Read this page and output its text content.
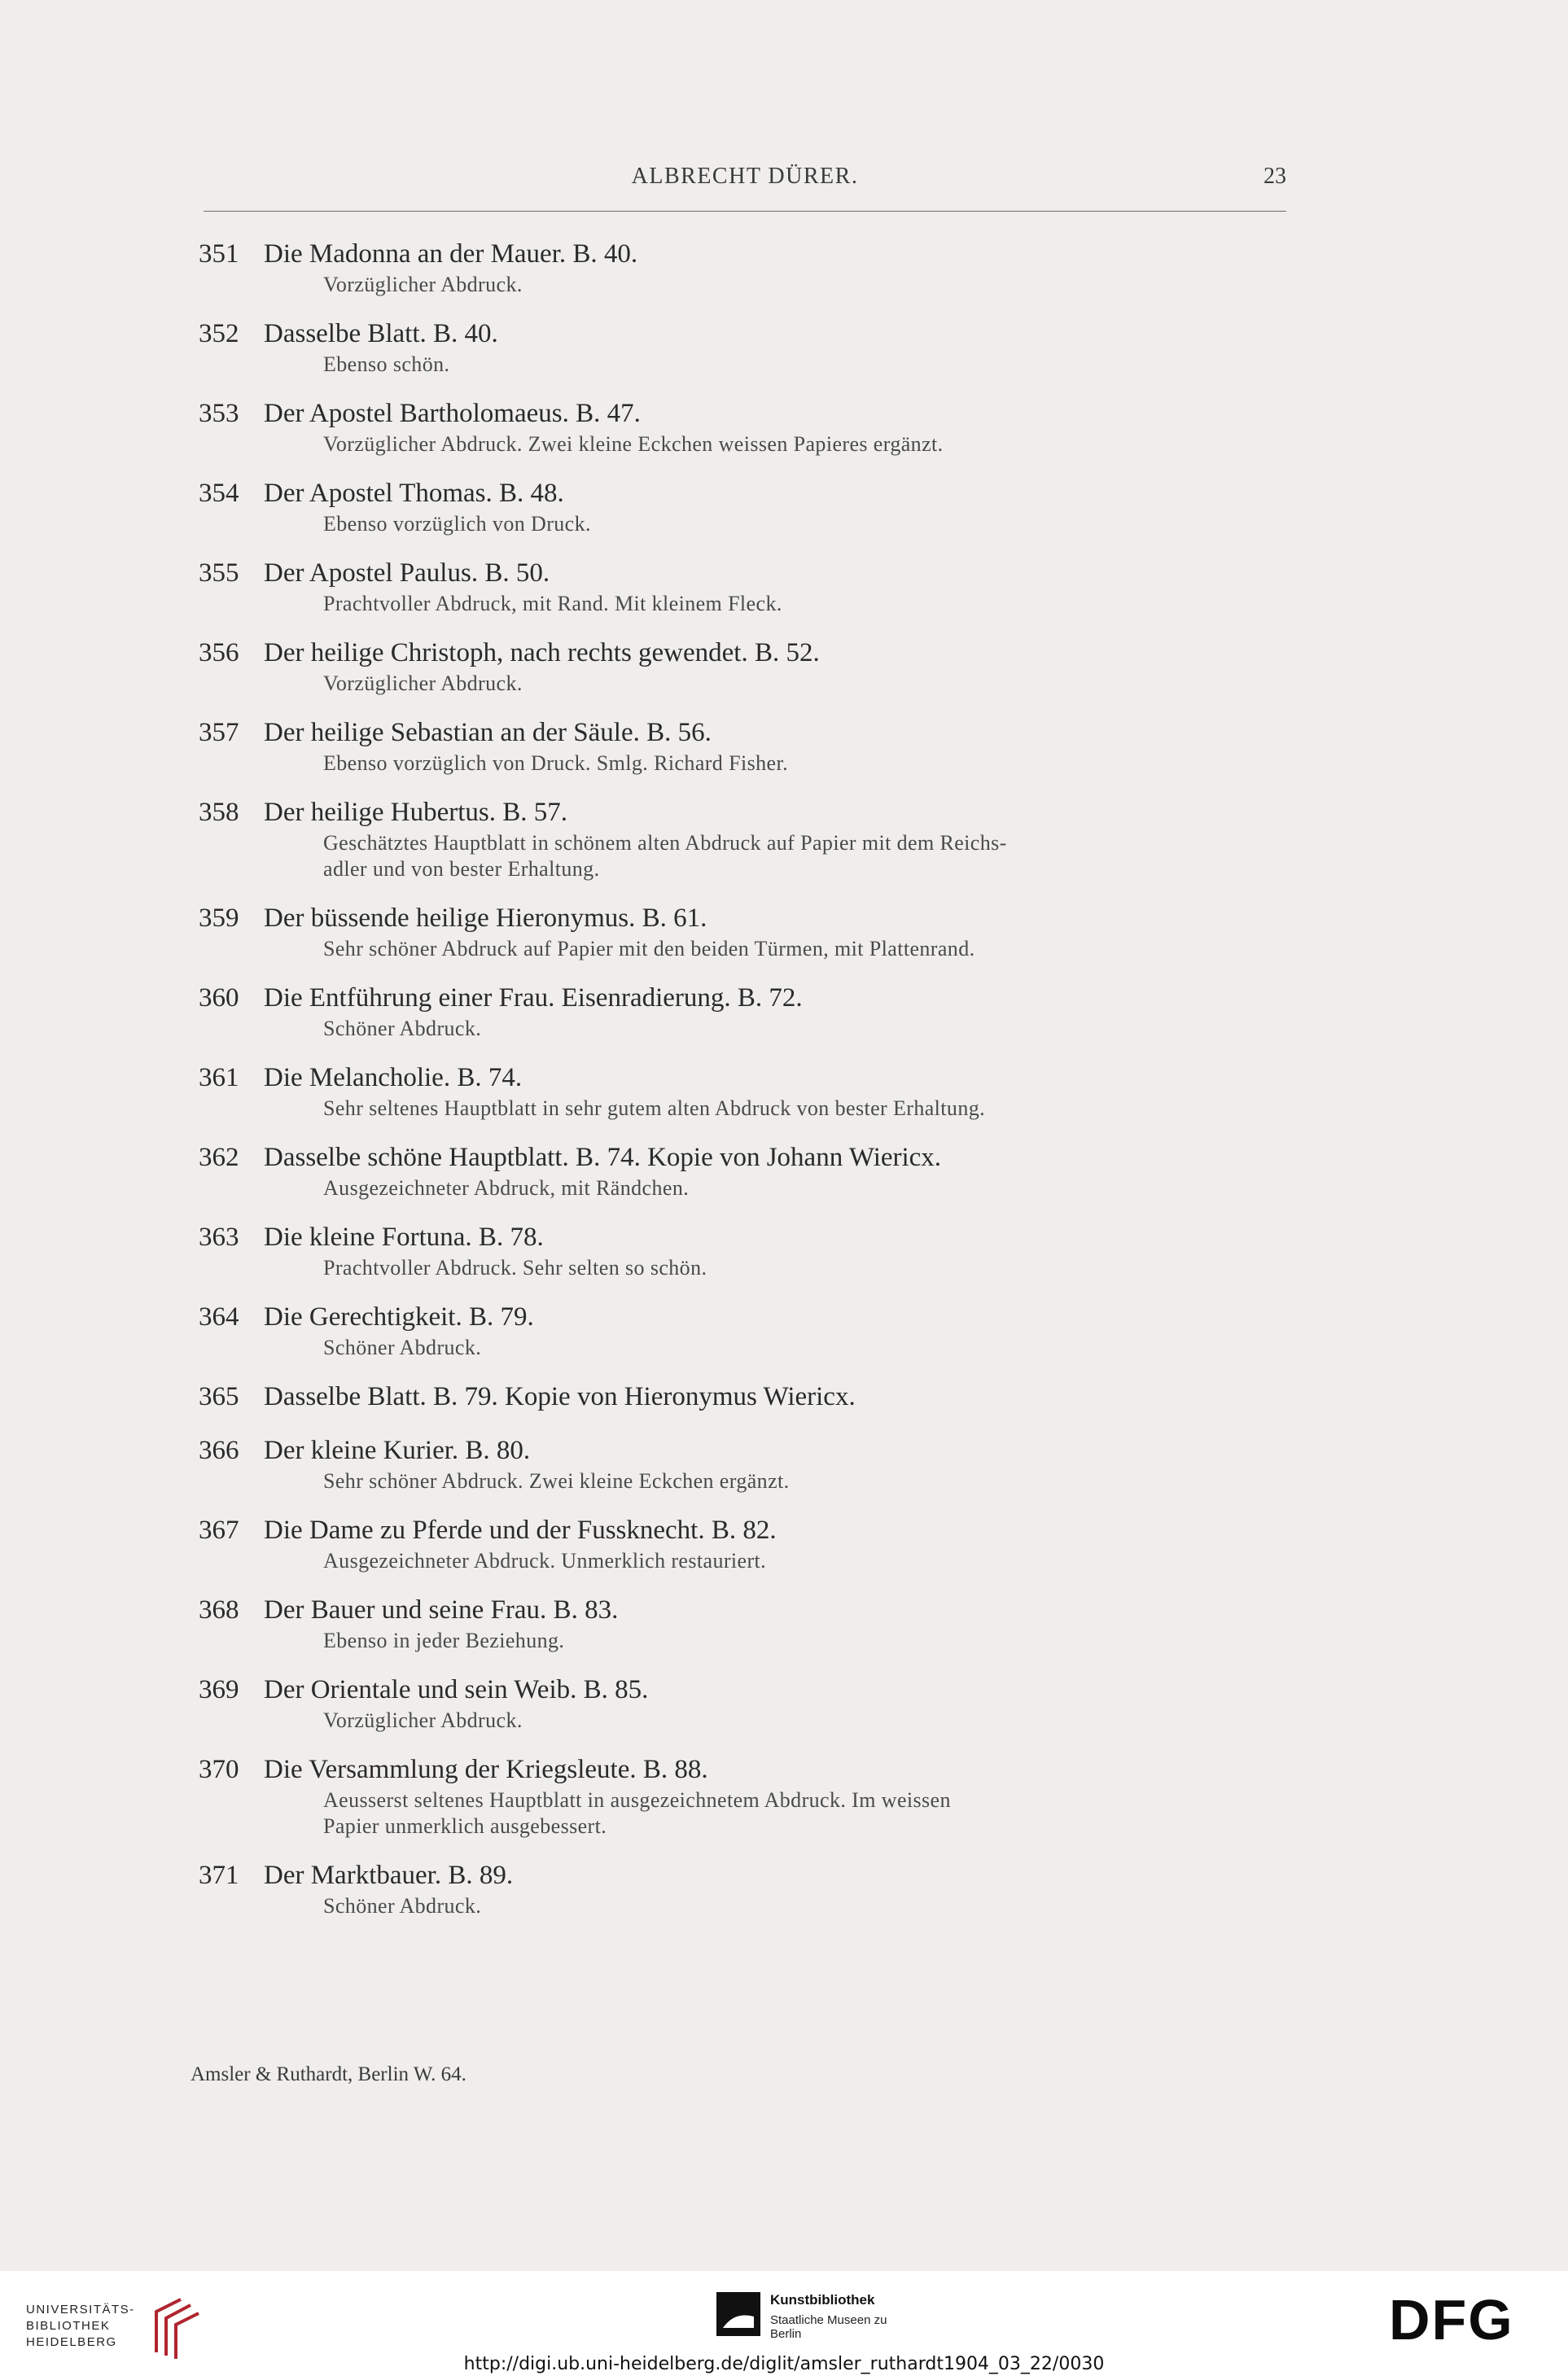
ALBRECHT DÜRER.	23
351 Die Madonna an der Mauer. B. 40.
Vorzüglicher Abdruck.
352 Dasselbe Blatt. B. 40.
Ebenso schön.
353 Der Apostel Bartholomaeus. B. 47.
Vorzüglicher Abdruck. Zwei kleine Eckchen weissen Papieres ergänzt.
354 Der Apostel Thomas. B. 48.
Ebenso vorzüglich von Druck.
355 Der Apostel Paulus. B. 50.
Prachtvoller Abdruck, mit Rand. Mit kleinem Fleck.
356 Der heilige Christoph, nach rechts gewendet. B. 52.
Vorzüglicher Abdruck.
357 Der heilige Sebastian an der Säule. B. 56.
Ebenso vorzüglich von Druck. Smlg. Richard Fisher.
358 Der heilige Hubertus. B. 57.
Geschätztes Hauptblatt in schönem alten Abdruck auf Papier mit dem Reichs-
adler und von bester Erhaltung.
359 Der büssende heilige Hieronymus. B. 61.
Sehr schöner Abdruck auf Papier mit den beiden Türmen, mit Plattenrand.
360 Die Entführung einer Frau. Eisenradierung. B. 72.
Schöner Abdruck.
361 Die Melancholie. B. 74.
Sehr seltenes Hauptblatt in sehr gutem alten Abdruck von bester Erhaltung.
362 Dasselbe schöne Hauptblatt. B. 74. Kopie von Johann Wiericx.
Ausgezeichneter Abdruck, mit Rändchen.
363 Die kleine Fortuna. B. 78.
Prachtvoller Abdruck. Sehr selten so schön.
364 Die Gerechtigkeit. B. 79.
Schöner Abdruck.
365 Dasselbe Blatt. B. 79. Kopie von Hieronymus Wiericx.
366 Der kleine Kurier. B. 80.
Sehr schöner Abdruck. Zwei kleine Eckchen ergänzt.
367 Die Dame zu Pferde und der Fussknecht. B. 82.
Ausgezeichneter Abdruck. Unmerklich restauriert.
368 Der Bauer und seine Frau. B. 83.
Ebenso in jeder Beziehung.
369 Der Orientale und sein Weib. B. 85.
Vorzüglicher Abdruck.
370 Die Versammlung der Kriegsleute. B. 88.
Aeusserst seltenes Hauptblatt in ausgezeichnetem Abdruck. Im weissen
Papier unmerklich ausgebessert.
371 Der Marktbauer. B. 89.
Schöner Abdruck.
Amsler & Ruthardt, Berlin W. 64.
UNIVERSITÄTS-
BIBLIOTHEK
HEIDELBERG
Kunstbibliothek
Staatliche Museen zu Berlin	DFG
http://digi.ub.uni-heidelberg.de/diglit/amsler_ruthardt1904_03_22/0030
